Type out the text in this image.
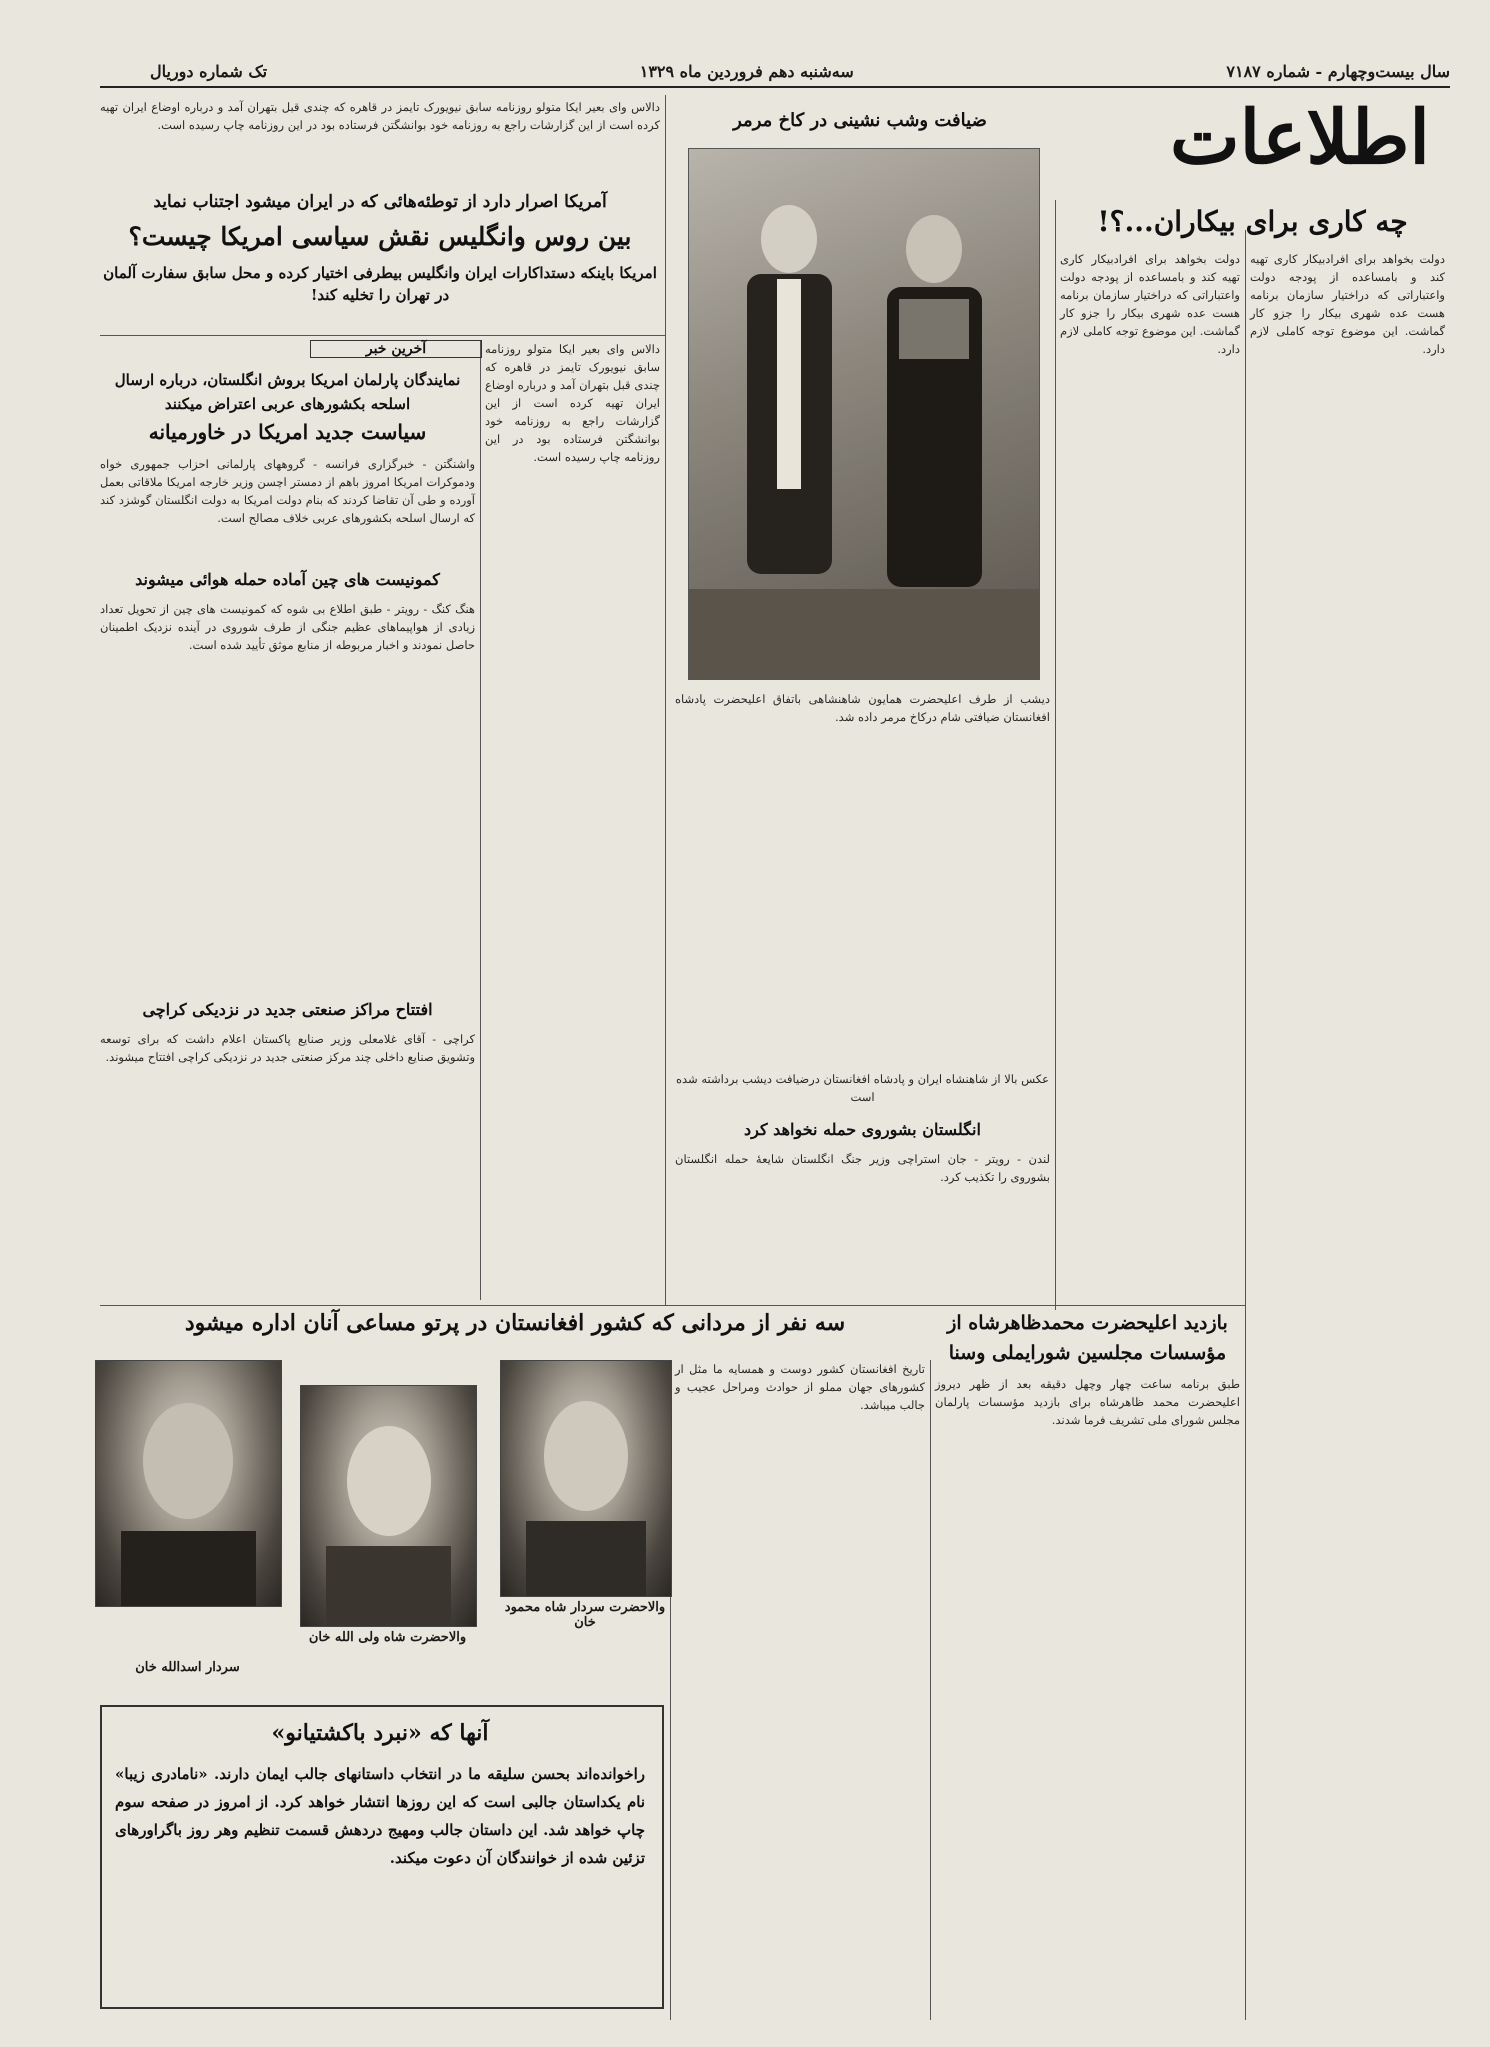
سال بیست‌وچهارم - شماره ۷۱۸۷
سه‌شنبه دهم فروردین ماه ۱۳۲۹
تک شماره دوریال
اطلاعات
دالاس وای بعیر ایکا متولو روزنامه سابق نیویورک تایمز در قاهره که چندی قبل بتهران آمد و درباره اوضاع ایران تهیه کرده است از این گزارشات راجع به روزنامه خود بوانشگتن فرستاده بود در این روزنامه چاپ رسیده است.
آمریکا اصرار دارد از توطئه‌هائی که در ایران میشود اجتناب نماید
بین روس وانگلیس نقش سیاسی امریکا چیست؟
امریکا باینکه دستداکارات ایران وانگلیس بیطرفی اختیار کرده و محل سابق سفارت آلمان در تهران را تخلیه کند!
آخرین خبر
نمایندگان پارلمان امریکا بروش انگلستان، درباره ارسال اسلحه بکشورهای عربی اعتراض میکنند
سیاست جدید امریکا در خاورمیانه
واشنگتن - خبرگزاری فرانسه - گروههای پارلمانی احزاب جمهوری خواه ودموکرات امریکا امروز باهم از دمستر اچسن وزیر خارجه امریکا ملاقاتی بعمل آورده و طی آن تقاضا کردند که بنام دولت امریکا به دولت انگلستان گوشزد کند که ارسال اسلحه بکشورهای عربی خلاف مصالح است.
دالاس وای بعیر ایکا متولو روزنامه سابق نیویورک تایمز در قاهره که چندی قبل بتهران آمد و درباره اوضاع ایران تهیه کرده است از این گزارشات راجع به روزنامه خود بوانشگتن فرستاده بود در این روزنامه چاپ رسیده است.
کمونیست های چین آماده حمله هوائی میشوند
هنگ کنگ - رویتر - طبق اطلاع بی شوه که کمونیست های چین از تحویل تعداد زیادی از هواپیماهای عظیم جنگی از طرف شوروی در آینده نزدیک اطمینان حاصل نمودند و اخبار مربوطه از منابع موثق تأیید شده است.
افتتاح مراکز صنعتی جدید در نزدیکی کراچی
کراچی - آقای غلامعلی وزیر صنایع پاکستان اعلام داشت که برای توسعه وتشویق صنایع داخلی چند مرکز صنعتی جدید در نزدیکی کراچی افتتاح میشوند.
ضیافت وشب نشینی در کاخ مرمر
دیشب از طرف اعلیحضرت همایون شاهنشاهی باتفاق اعلیحضرت پادشاه افغانستان ضیافتی شام درکاخ مرمر داده شد.
عکس بالا از شاهنشاه ایران و پادشاه افغانستان درضیافت دیشب برداشته شده است
انگلستان بشوروی حمله نخواهد کرد
لندن - رویتر - جان استراچی وزیر جنگ انگلستان شایعهٔ حمله انگلستان بشوروی را تکذیب کرد.
چه کاری برای بیکاران...؟!
دولت بخواهد برای افرادبیکار کاری تهیه کند و بامساعده از پودجه دولت واعتباراتی که دراختیار سازمان برنامه هست عده شهری بیکار را جزو کار گماشت. این موضوع توجه کاملی لازم دارد.
دولت بخواهد برای افرادبیکار کاری تهیه کند و بامساعده از پودجه دولت واعتباراتی که دراختیار سازمان برنامه هست عده شهری بیکار را جزو کار گماشت. این موضوع توجه کاملی لازم دارد.
بازدید اعلیحضرت محمدظاهرشاه از مؤسسات مجلسین شورایملی وسنا
طبق برنامه ساعت چهار وچهل دقیقه بعد از ظهر دیروز اعلیحضرت محمد ظاهرشاه برای بازدید مؤسسات پارلمان مجلس شورای ملی تشریف فرما شدند.
سه نفر از مردانی که کشور افغانستان در پرتو مساعی آنان اداره میشود
تاریخ افغانستان کشور دوست و همسایه ما مثل ار کشورهای جهان مملو از حوادث ومراحل عجیب و جالب میباشد.
والاحضرت سردار شاه محمود خان
والاحضرت شاه ولی الله خان
سردار اسدالله خان
آنها که «نبرد باکشتیانو»
راخوانده‌اند بحسن سلیقه ما در انتخاب داستانهای جالب ایمان دارند. «نامادری زیبا» نام یکداستان جالبی است که این روزها انتشار خواهد کرد. از امروز در صفحه سوم چاپ خواهد شد. این داستان جالب ومهیج دردهش قسمت تنظیم وهر روز باگراورهای تزئین شده از خوانندگان آن دعوت میکند.
